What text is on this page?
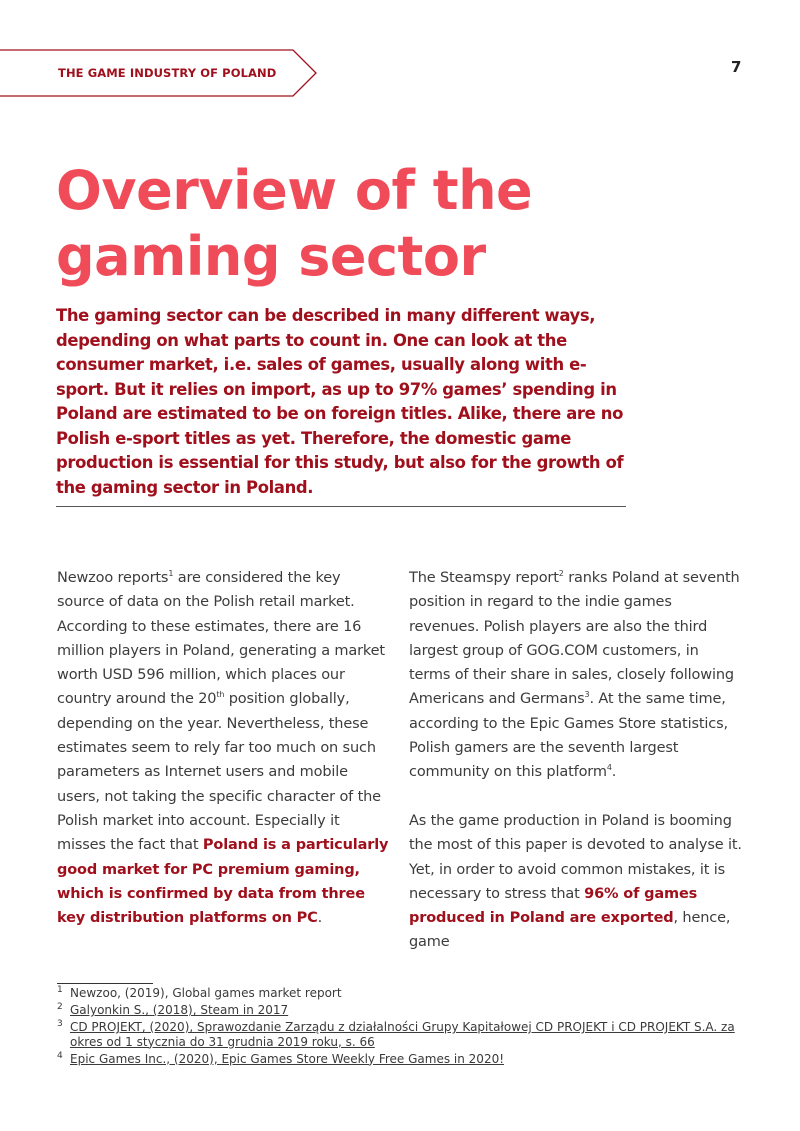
THE GAME INDUSTRY OF POLAND	7
Overview of the
gaming sector

The gaming sector can be described in many different ways, depending on what parts to count in. One can look at the consumer market, i.e. sales of games, usually along with e-sport. But it relies on import, as up to 97% games’ spending in Poland are estimated to be on foreign titles. Alike, there are no Polish e-sport titles as yet. Therefore, the domestic game production is essential for this study, but also for the growth of the gaming sector in Poland.

Newzoo reports$^1$ are considered the key source of data on the Polish retail market. According to these estimates, there are 16 million players in Poland, generating a market worth USD 596 million, which places our country around the 20th position globally, depending on the year. Nevertheless, these estimates seem to rely far too much on such parameters as Internet users and mobile users, not taking the specific character of the Polish market into account. Especially it misses the fact that Poland is a particularly good market for PC premium gaming, which is confirmed by data from three key distribution platforms on PC.

The Steamspy report$^2$ ranks Poland at seventh position in regard to the indie games revenues. Polish players are also the third largest group of GOG.COM customers, in terms of their share in sales, closely following Americans and Germans$^3$. At the same time, according to the Epic Games Store statistics, Polish gamers are the seventh largest community on this platform$^4$.

As the game production in Poland is booming the most of this paper is devoted to analyse it. Yet, in order to avoid common mistakes, it is necessary to stress that 96% of games produced in Poland are exported, hence, game

1 Newzoo, (2019), Global games market report
2 Galyonkin S., (2018), Steam in 2017
3 CD PROJEKT, (2020), Sprawozdanie Zarządu z działalności Grupy Kapitałowej CD PROJEKT i CD PROJEKT S.A. za okres od 1 stycznia do 31 grudnia 2019 roku, s. 66
4 Epic Games Inc., (2020), Epic Games Store Weekly Free Games in 2020!
